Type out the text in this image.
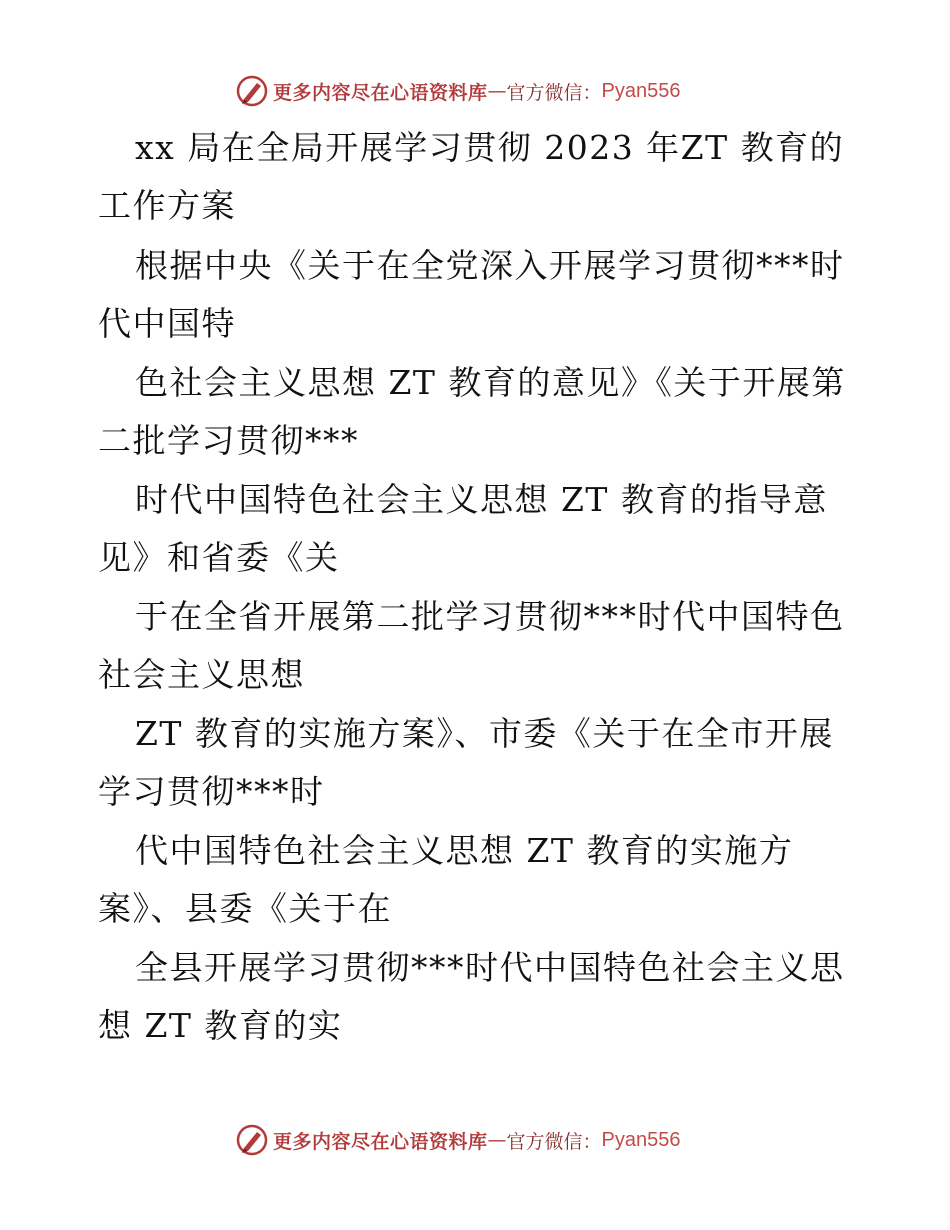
更多内容尽在心语资料库 — 官方微信： Pyan556
xx 局在全局开展学习贯彻 2023 年ZT 教育的
工作方案
根据中央《关于在全党深入开展学习贯彻***时
代中国特
色社会主义思想 ZT 教育的意见》《关于开展第
二批学习贯彻***
时代中国特色社会主义思想 ZT 教育的指导意
见》和省委《关
于在全省开展第二批学习贯彻***时代中国特色
社会主义思想
ZT 教育的实施方案》、市委《关于在全市开展
学习贯彻***时
代中国特色社会主义思想 ZT 教育的实施方
案》、县委《关于在
全县开展学习贯彻***时代中国特色社会主义思
想 ZT 教育的实
更多内容尽在心语资料库 — 官方微信： Pyan556
